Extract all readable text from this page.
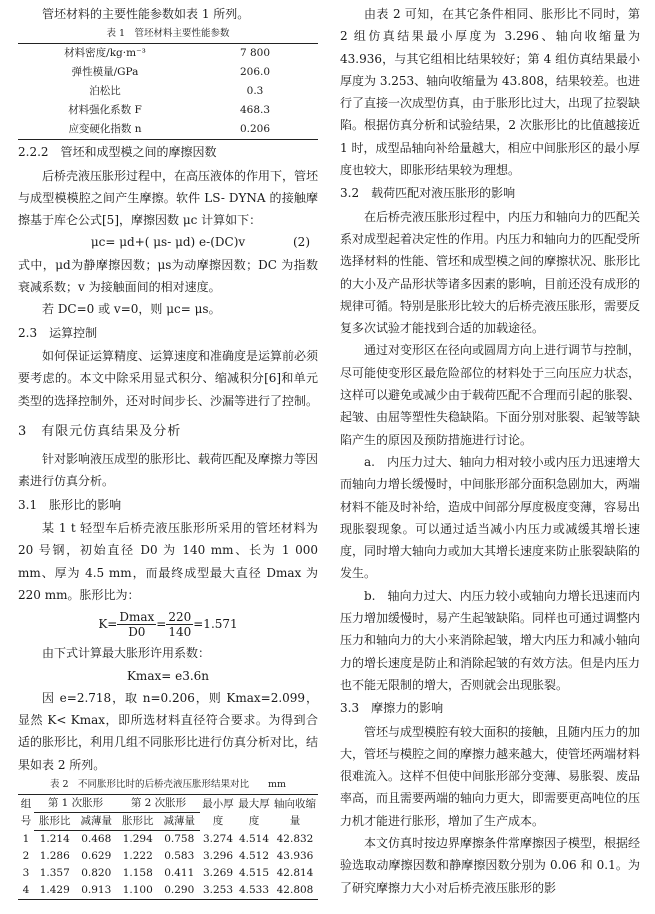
管坯材料的主要性能参数如表 1 所列。

表 1　管坯材料主要性能参数
材料密度/kg·m⁻³	7 800
弹性模量/GPa	206.0
泊松比	0.3
材料强化系数 F	468.3
应变硬化指数 n	0.206

2.2.2　管坯和成型模之间的摩擦因数

后桥壳液压胀形过程中，在高压液体的作用下，管坯与成型模模腔之间产生摩擦。软件 LS- DYNA 的接触摩擦基于库仑公式[5]，摩擦因数 μc 计算如下：

μc= μd+( μs- μd) e-(DC)v	(2)

式中，μd为静摩擦因数；μs为动摩擦因数；DC 为指数衰减系数；v 为接触面间的相对速度。

若 DC=0 或 v=0，则 μc= μs。

2.3　运算控制

如何保证运算精度、运算速度和准确度是运算前必须要考虑的。本文中除采用显式积分、缩减积分[6]和单元类型的选择控制外，还对时间步长、沙漏等进行了控制。

3　有限元仿真结果及分析

针对影响液压成型的胀形比、载荷匹配及摩擦力等因素进行仿真分析。

3.1　胀形比的影响

某 1 t 轻型车后桥壳液压胀形所采用的管坯材料为 20 号钢，初始直径 D0 为 140 mm、长为 1 000 mm、厚为 4.5 mm，而最终成型最大直径 Dmax 为 220 mm。胀形比为：

$K= \frac{Dmax}{D0} = \frac{220}{140} =1.571$

由下式计算最大胀形许用系数：

Kmax= e3.6n

因 e=2.718，取 n=0.206，则 Kmax=2.099，显然 K< Kmax，即所选材料直径符合要求。为得到合适的胀形比，利用几组不同胀形比进行仿真分析对比，结果如表 2 所列。

表 2　不同胀形比时的后桥壳液压胀形结果对比　　mm
组号	第 1 次胀形		第 2 次胀形		最小厚度	最大厚度	轴向收缩量
	胀形比	减薄量	胀形比	减薄量			
1	1.214	0.468	1.294	0.758	3.274	4.514	42.832
2	1.286	0.629	1.222	0.583	3.296	4.512	43.936
3	1.357	0.820	1.158	0.411	3.269	4.515	42.814
4	1.429	0.913	1.100	0.290	3.253	4.533	42.808

由表 2 可知，在其它条件相同、胀形比不同时，第 2 组仿真结果最小厚度为 3.296、轴向收缩量为 43.936，与其它组相比结果较好；第 4 组仿真结果最小厚度为 3.253、轴向收缩量为 43.808，结果较差。也进行了直接一次成型仿真，由于胀形比过大，出现了拉裂缺陷。根据仿真分析和试验结果，2 次胀形比的比值越接近 1 时，成型品轴向补给量越大，相应中间胀形区的最小厚度也较大，即胀形结果较为理想。

3.2　载荷匹配对液压胀形的影响

在后桥壳液压胀形过程中，内压力和轴向力的匹配关系对成型起着决定性的作用。内压力和轴向力的匹配受所选择材料的性能、管坯和成型模之间的摩擦状况、胀形比的大小及产品形状等诸多因素的影响，目前还没有成形的规律可循。特别是胀形比较大的后桥壳液压胀形，需要反复多次试验才能找到合适的加载途径。

通过对变形区在径向或圆周方向上进行调节与控制，尽可能使变形区最危险部位的材料处于三向压应力状态，这样可以避免或减少由于载荷匹配不合理而引起的胀裂、起皱、由屈等塑性失稳缺陷。下面分别对胀裂、起皱等缺陷产生的原因及预防措施进行讨论。

a.　内压力过大、轴向力相对较小或内压力迅速增大而轴向力增长缓慢时，中间胀形部分面积急剧加大，两端材料不能及时补给，造成中间部分厚度极度变薄，容易出现胀裂现象。可以通过适当减小内压力或减缓其增长速度，同时增大轴向力或加大其增长速度来防止胀裂缺陷的发生。

b.　轴向力过大、内压力较小或轴向力增长迅速而内压力增加缓慢时，易产生起皱缺陷。同样也可通过调整内压力和轴向力的大小来消除起皱，增大内压力和减小轴向力的增长速度是防止和消除起皱的有效方法。但是内压力也不能无限制的增大，否则就会出现胀裂。

3.3　摩擦力的影响

管坯与成型模腔有较大面积的接触，且随内压力的加大，管坯与模腔之间的摩擦力越来越大，使管坯两端材料很难流入。这样不但使中间胀形部分变薄、易胀裂、废品率高，而且需要两端的轴向力更大，即需要更高吨位的压力机才能进行胀形，增加了生产成本。

本文仿真时按边界摩擦条件常摩擦因子模型，根据经验选取动摩擦因数和静摩擦因数分别为 0.06 和 0.1。为了研究摩擦力大小对后桥壳液压胀形的影
